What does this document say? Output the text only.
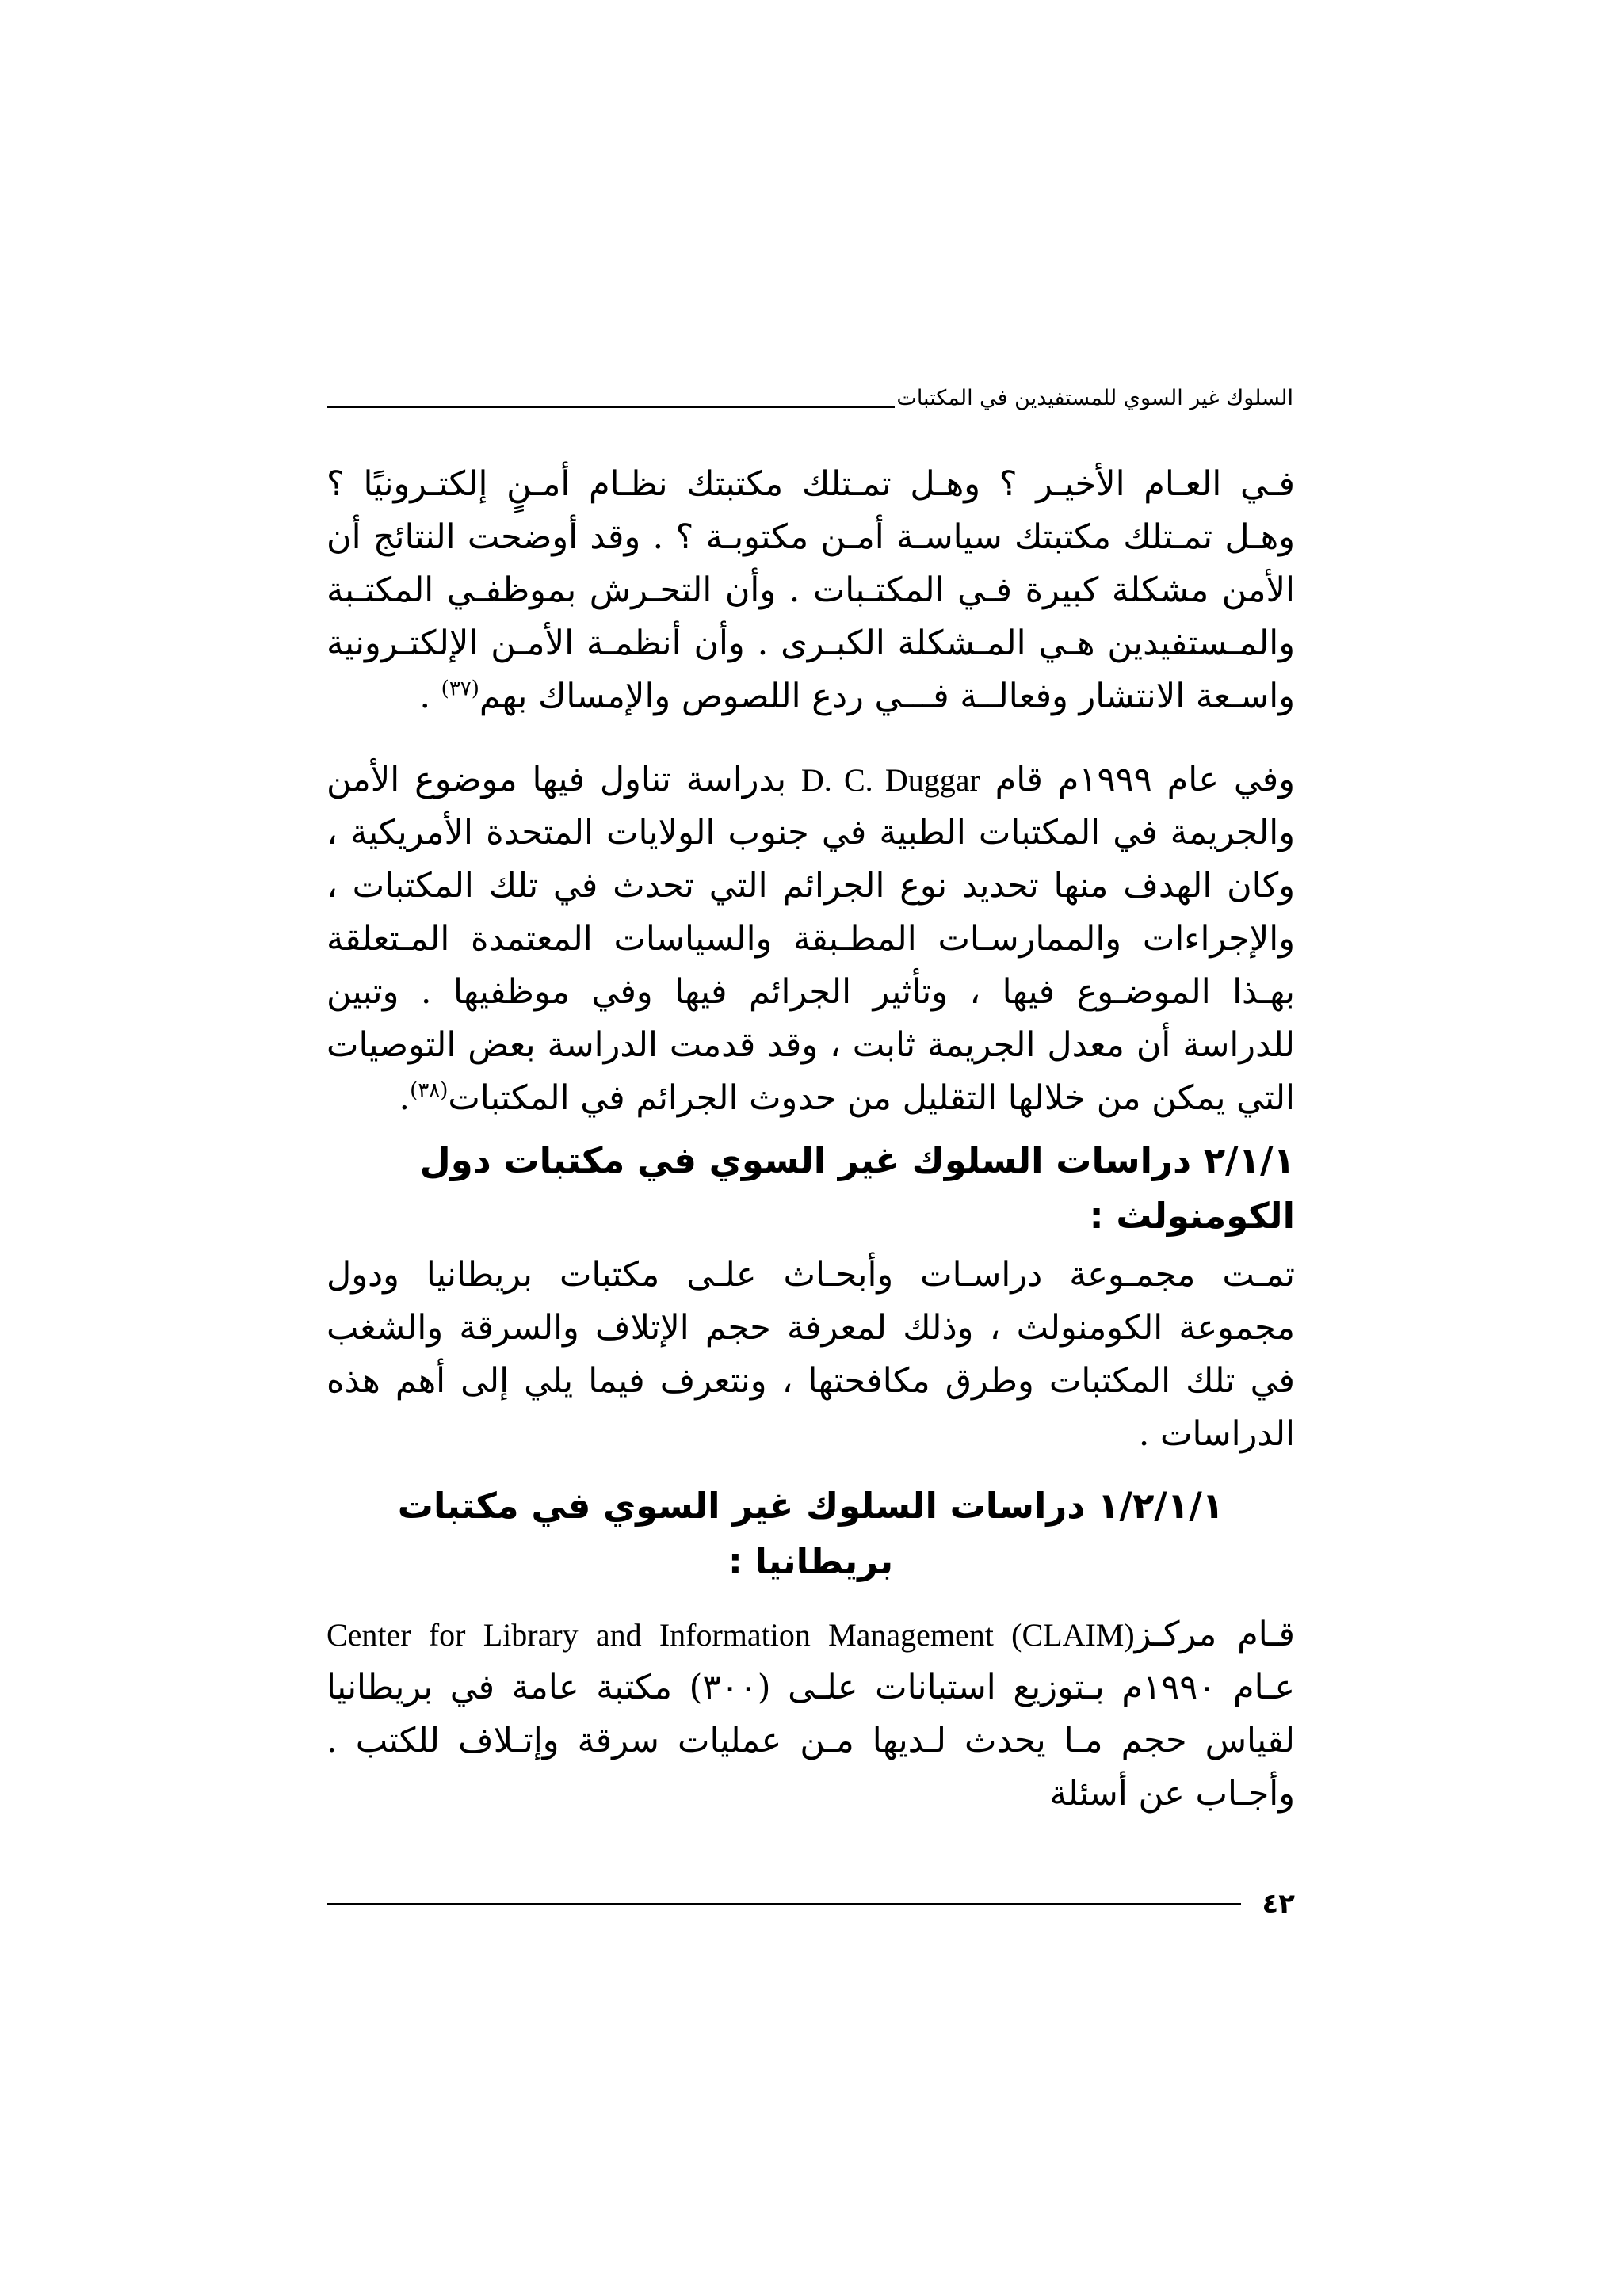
السلوك غير السوي للمستفيدين في المكتبات

فـي العـام الأخيـر ؟ وهـل تمـتلك مكتبتك نظـام أمـنٍ إلكتـرونيًا ؟ وهـل تمـتلك مكتبتك سياسـة أمـن مكتوبـة ؟ . وقد أوضحت النتائج أن الأمن مشكلة كبيرة فـي المكتـبات . وأن التحـرش بموظفـي المكتـبة والمـستفيدين هـي المـشكلة الكبـرى . وأن أنظمـة الأمـن الإلكتـرونية واسـعة الانتشار وفعالــة فـــي ردع اللصوص والإمساك بهم$^{(٣٧)}$ .

وفي عام ١٩٩٩م قام D. C. Duggar بدراسة تناول فيها موضوع الأمن والجريمة في المكتبات الطبية في جنوب الولايات المتحدة الأمريكية ، وكان الهدف منها تحديد نوع الجرائم التي تحدث في تلك المكتبات ، والإجراءات والممارسـات المطـبقة والسياسات المعتمدة المـتعلقة بهـذا الموضـوع فيها ، وتأثير الجرائم فيها وفي موظفيها . وتبين للدراسة أن معدل الجريمة ثابت ، وقد قدمت الدراسة بعض التوصيات التي يمكن من خلالها التقليل من حدوث الجرائم في المكتبات$^{(٣٨)}$.

٢/١/١ دراسات السلوك غير السوي في مكتبات دول الكومنولث :

تمـت مجمـوعة دراسـات وأبحـاث علـى مكتبات بريطانيا ودول مجموعة الكومنولث ، وذلك لمعرفة حجم الإتلاف والسرقة والشغب في تلك المكتبات وطرق مكافحتها ، ونتعرف فيما يلي إلى أهم هذه الدراسات .

١/٢/١/١ دراسات السلوك غير السوي في مكتبات بريطانيا :

قـام مركـزCenter for Library and Information Management (CLAIM) عـام ١٩٩٠م بـتوزيع استبانات علـى (٣٠٠) مكتبة عامة في بريطانيا لقياس حجم مـا يحدث لـديها مـن عمليات سرقة وإتـلاف للكتب . وأجـاب عن أسئلة

٤٢
